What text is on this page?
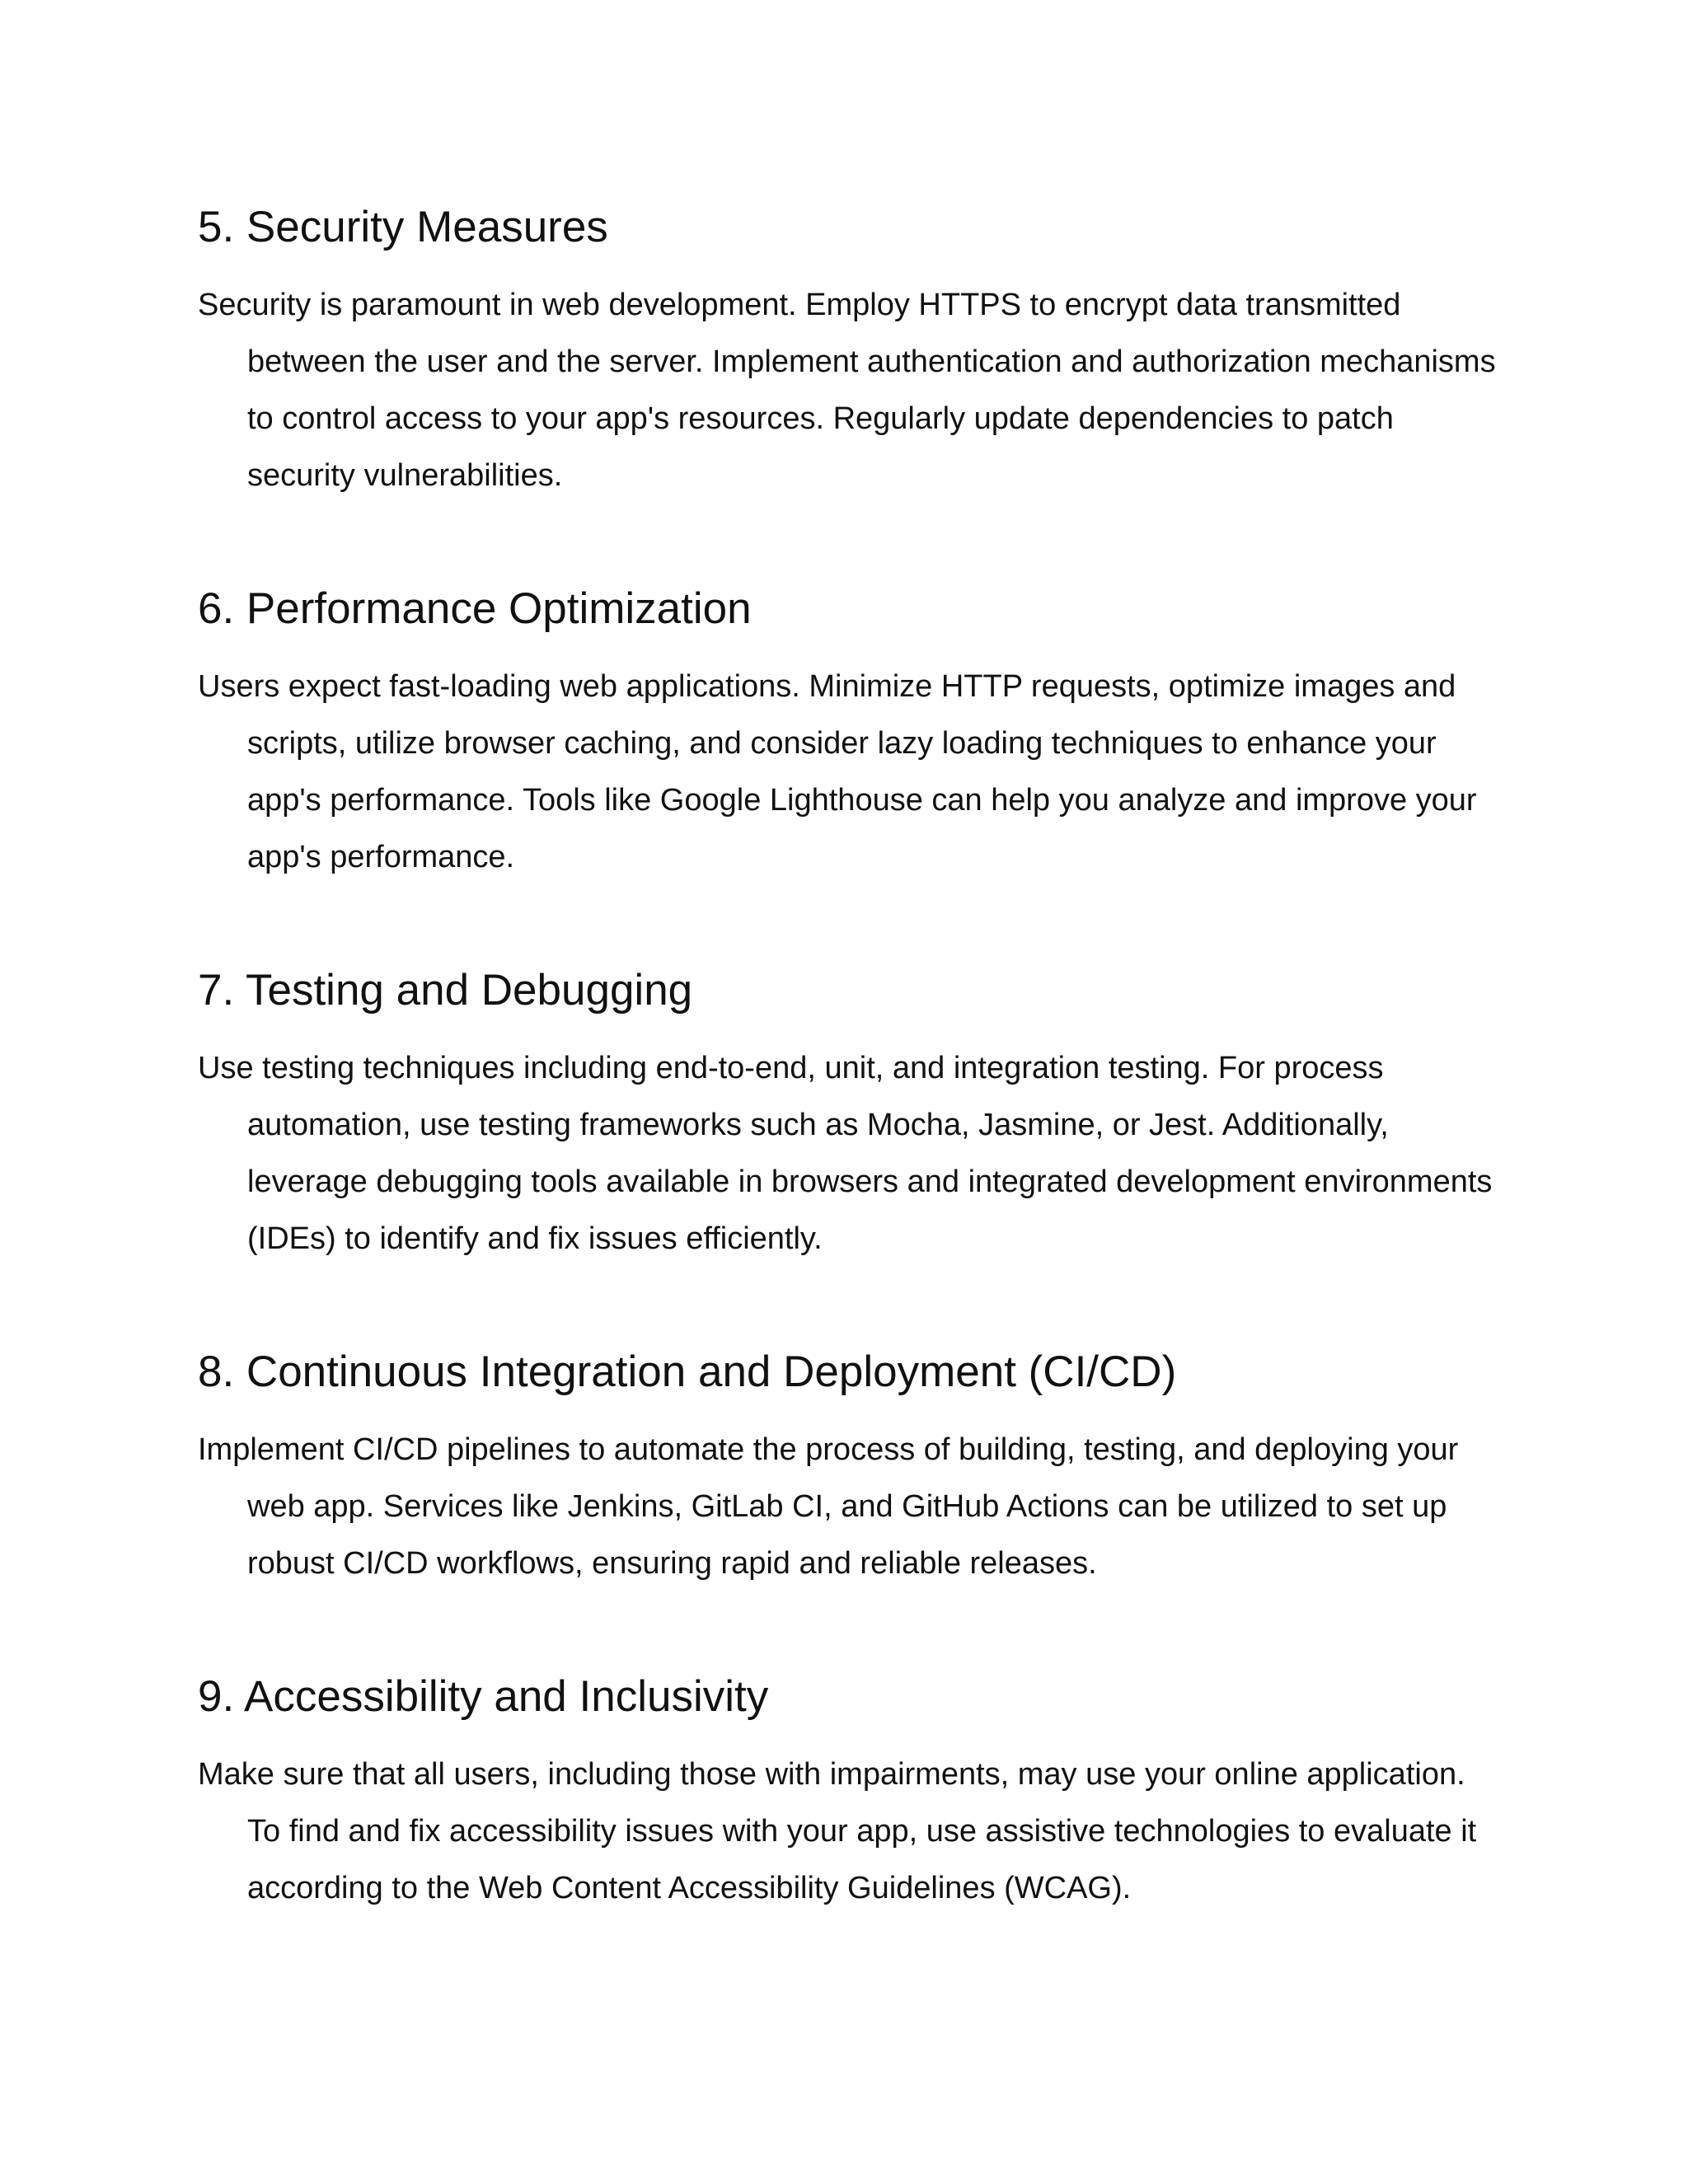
5. Security Measures

Security is paramount in web development. Employ HTTPS to encrypt data transmitted between the user and the server. Implement authentication and authorization mechanisms to control access to your app's resources. Regularly update dependencies to patch security vulnerabilities.

6. Performance Optimization

Users expect fast-loading web applications. Minimize HTTP requests, optimize images and scripts, utilize browser caching, and consider lazy loading techniques to enhance your app's performance. Tools like Google Lighthouse can help you analyze and improve your app's performance.

7. Testing and Debugging

Use testing techniques including end-to-end, unit, and integration testing. For process automation, use testing frameworks such as Mocha, Jasmine, or Jest. Additionally, leverage debugging tools available in browsers and integrated development environments (IDEs) to identify and fix issues efficiently.

8. Continuous Integration and Deployment (CI/CD)

Implement CI/CD pipelines to automate the process of building, testing, and deploying your web app. Services like Jenkins, GitLab CI, and GitHub Actions can be utilized to set up robust CI/CD workflows, ensuring rapid and reliable releases.

9. Accessibility and Inclusivity

Make sure that all users, including those with impairments, may use your online application. To find and fix accessibility issues with your app, use assistive technologies to evaluate it according to the Web Content Accessibility Guidelines (WCAG).
